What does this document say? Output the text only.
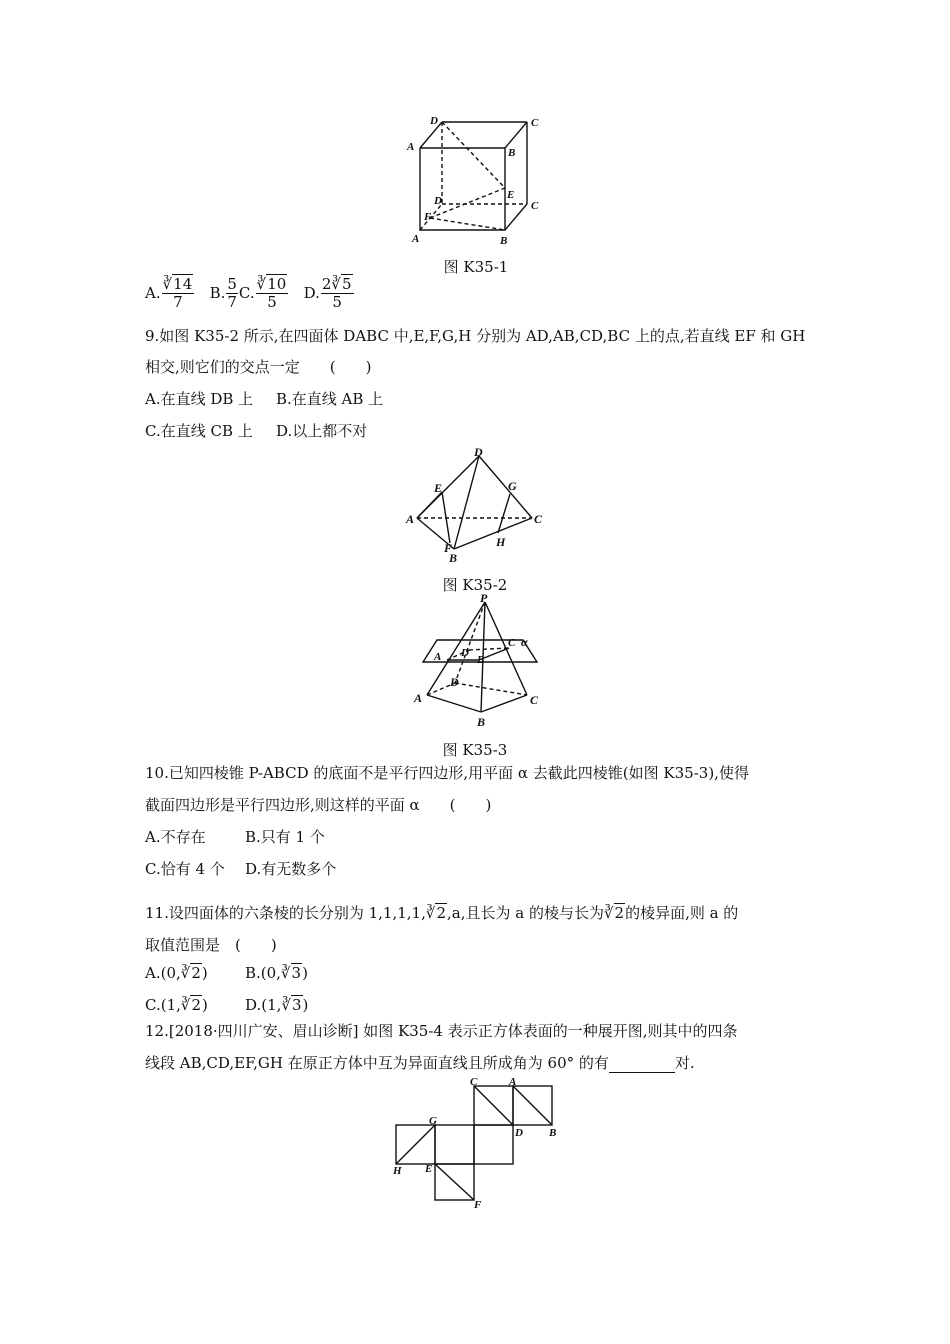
D	C
A	B
E
D	C
F
A	B
图 K35-1
A. $\frac{∛14}{7} B$. $\frac{5}{7} C$. $\frac{∛10}{5} D$. $\frac{2∛5}{5}$
9.如图 K35-2 所示,在四面体 DABC 中,E,F,G,H 分别为 AD,AB,CD,BC 上的点,若直线 EF 和 GH
相交,则它们的交点一定　　(　　)
A.在直线 DB 上 B.在直线 AB 上
C.在直线 CB 上 D.以上都不对
D
E	G
A	C
F	H
B
图 K35-2
P
C α
A D
B
D
A	C
B
图 K35-3
10.已知四棱锥 P-ABCD 的底面不是平行四边形,用平面 α 去截此四棱锥(如图 K35-3),使得
截面四边形是平行四边形,则这样的平面 α　　(　　)
A.不存在	B.只有 1 个
C.恰有 4 个 D.有无数多个
11.设四面体的六条棱的长分别为 1,1,1,1,∛2,a,且长为 a 的棱与长为∛2的棱异面,则 a 的
取值范围是　(　　)
A.(0,∛2) B.(0,∛3)
C.(1,∛2) D.(1,∛3)
12.[2018·四川广安、眉山诊断] 如图 K35-4 表示正方体表面的一种展开图,则其中的四条
线段 AB,CD,EF,GH 在原正方体中互为异面直线且所成角为 60° 的有	对.
C	A
G
D B
H E
F
